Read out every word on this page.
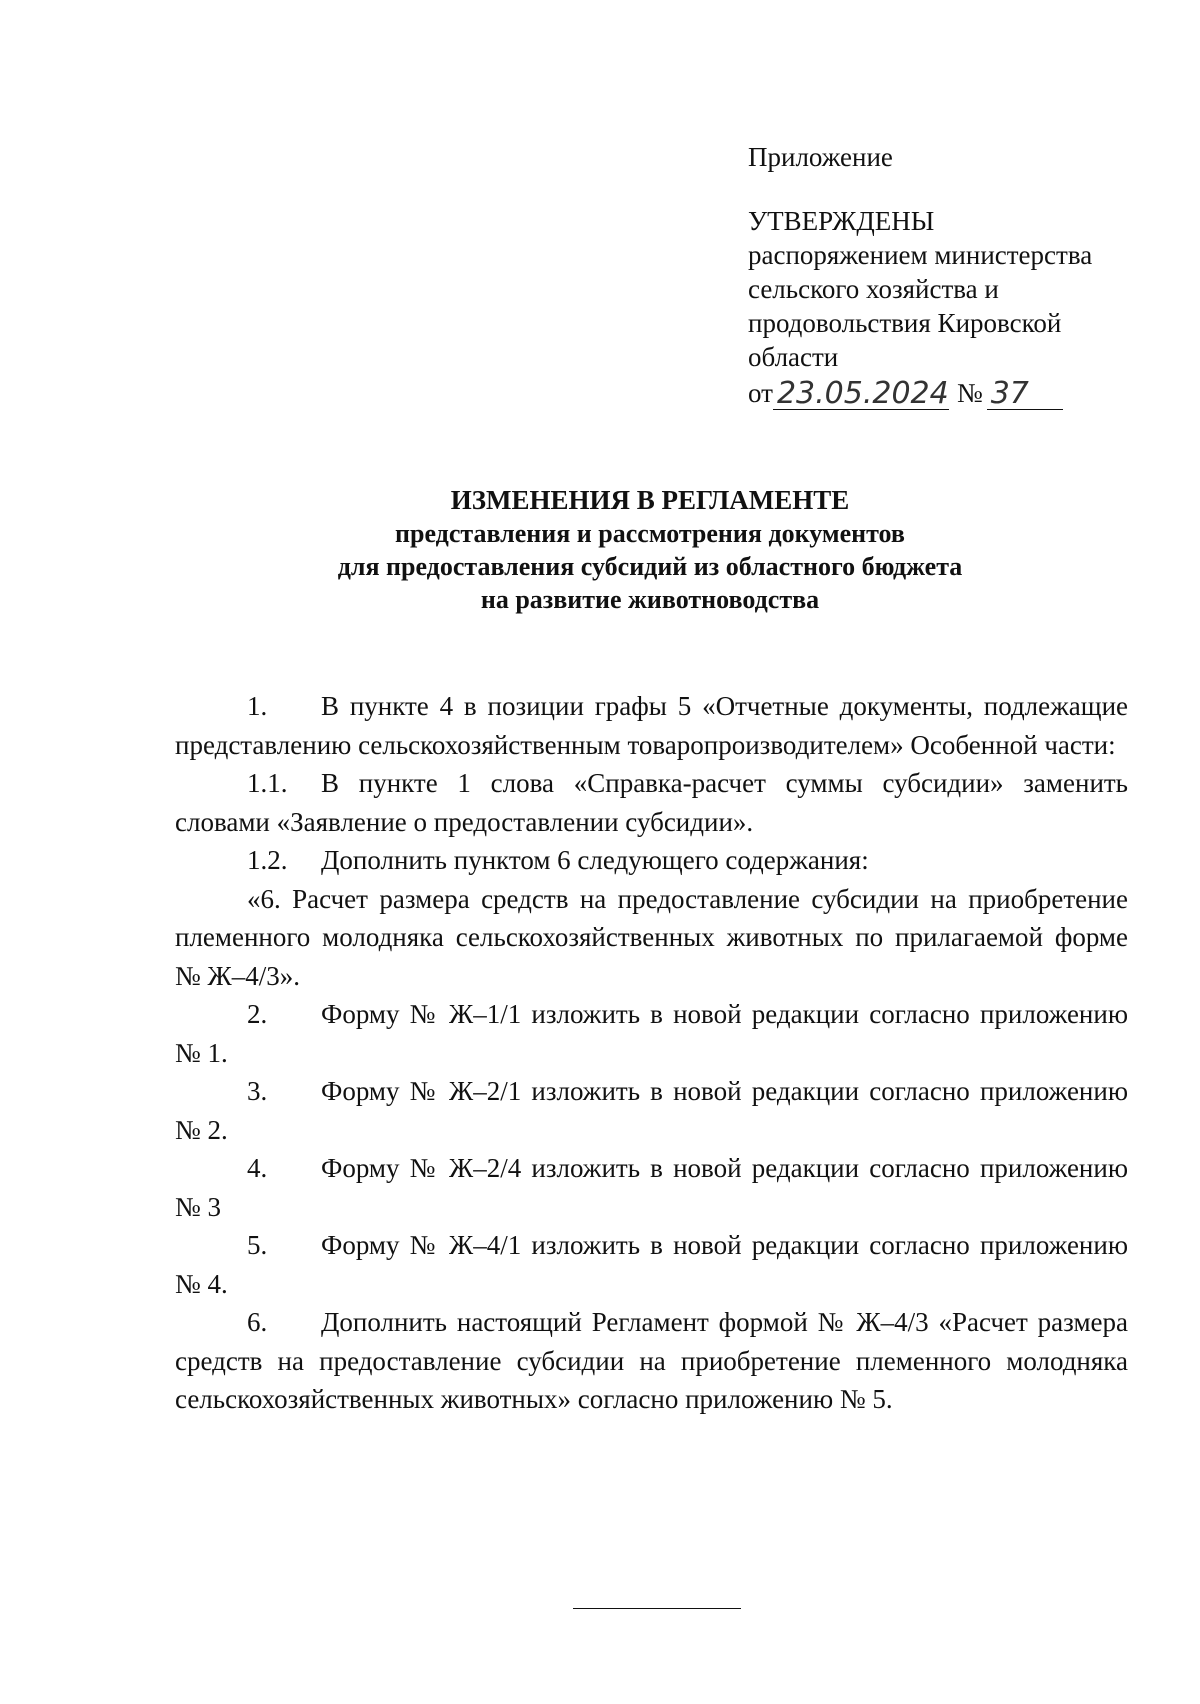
Приложение
УТВЕРЖДЕНЫ
распоряжением министерства
сельского хозяйства и
продовольствия Кировской
области
от 23.05.2024 № 37
ИЗМЕНЕНИЯ В РЕГЛАМЕНТЕ
представления и рассмотрения документов
для предоставления субсидий из областного бюджета
на развитие животноводства

1. В пункте 4 в позиции графы 5 «Отчетные документы, подлежащие представлению сельскохозяйственным товаропроизводителем» Особенной части:

1.1. В пункте 1 слова «Справка-расчет суммы субсидии» заменить словами «Заявление о предоставлении субсидии».

1.2. Дополнить пунктом 6 следующего содержания:

«6. Расчет размера средств на предоставление субсидии на приобретение племенного молодняка сельскохозяйственных животных по прилагаемой форме № Ж–4/3».

2. Форму № Ж–1/1 изложить в новой редакции согласно приложению № 1.

3. Форму № Ж–2/1 изложить в новой редакции согласно приложению № 2.

4. Форму № Ж–2/4 изложить в новой редакции согласно приложению № 3

5. Форму № Ж–4/1 изложить в новой редакции согласно приложению № 4.

6. Дополнить настоящий Регламент формой № Ж–4/3 «Расчет размера средств на предоставление субсидии на приобретение племенного молодняка сельскохозяйственных животных» согласно приложению № 5.
